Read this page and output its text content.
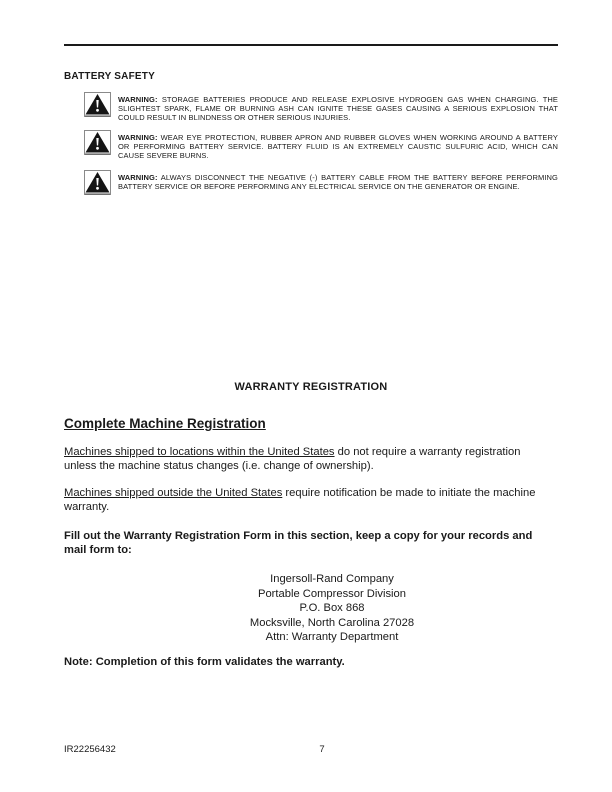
BATTERY SAFETY
WARNING: STORAGE BATTERIES PRODUCE AND RELEASE EXPLOSIVE HYDROGEN GAS WHEN CHARGING. THE SLIGHTEST SPARK, FLAME OR BURNING ASH CAN IGNITE THESE GASES CAUSING A SERIOUS EXPLOSION THAT COULD RESULT IN BLINDNESS OR OTHER SERIOUS INJURIES.
WARNING: WEAR EYE PROTECTION, RUBBER APRON AND RUBBER GLOVES WHEN WORKING AROUND A BATTERY OR PERFORMING BATTERY SERVICE. BATTERY FLUID IS AN EXTREMELY CAUSTIC SULFURIC ACID, WHICH CAN CAUSE SEVERE BURNS.
WARNING: ALWAYS DISCONNECT THE NEGATIVE (-) BATTERY CABLE FROM THE BATTERY BEFORE PERFORMING BATTERY SERVICE OR BEFORE PERFORMING ANY ELECTRICAL SERVICE ON THE GENERATOR OR ENGINE.
WARRANTY REGISTRATION
Complete Machine Registration
Machines shipped to locations within the United States do not require a warranty registration unless the machine status changes (i.e. change of ownership).
Machines shipped outside the United States require notification be made to initiate the machine warranty.
Fill out the Warranty Registration Form in this section, keep a copy for your records and mail form to:
Ingersoll-Rand Company
Portable Compressor Division
P.O. Box 868
Mocksville, North Carolina 27028
Attn: Warranty Department
Note: Completion of this form validates the warranty.
IR22256432	7
